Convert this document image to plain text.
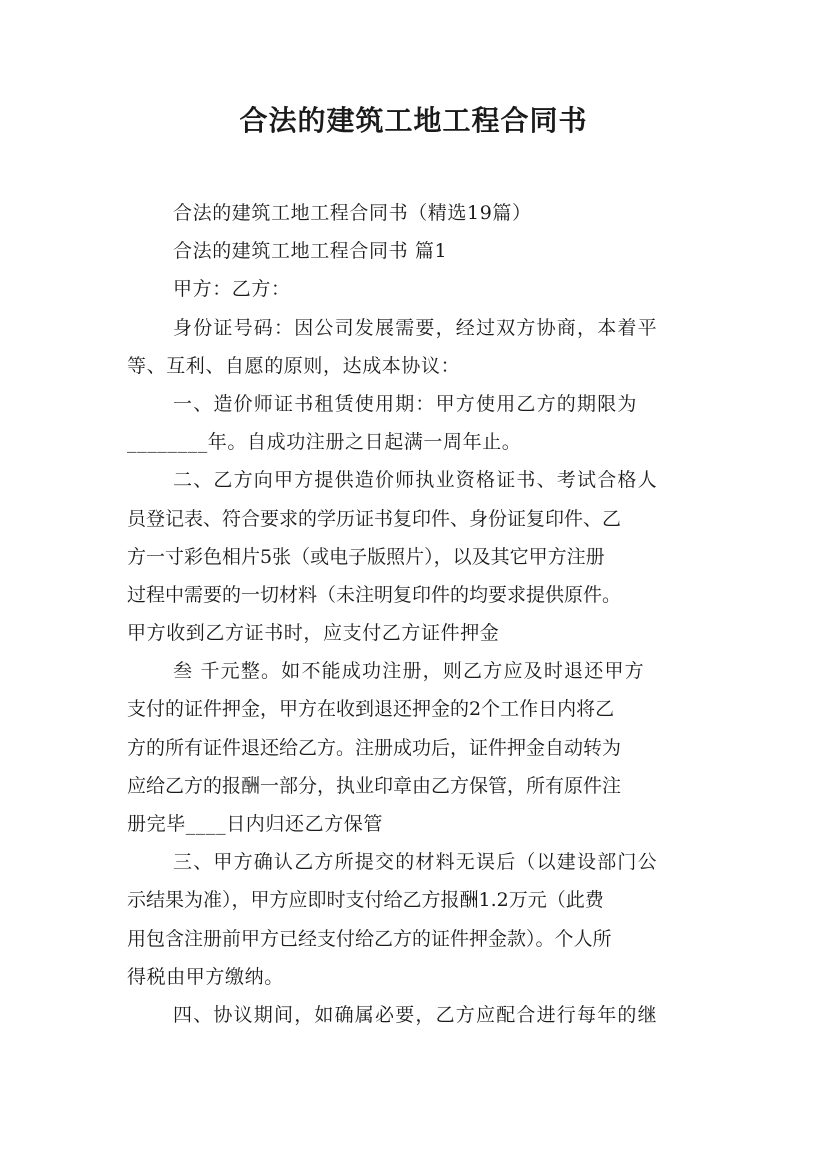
合法的建筑工地工程合同书
合法的建筑工地工程合同书（精选19篇）
合法的建筑工地工程合同书 篇1
甲方：乙方：
身份证号码：因公司发展需要，经过双方协商，本着平
等、互利、自愿的原则，达成本协议：
一、造价师证书租赁使用期：甲方使用乙方的期限为
________年。自成功注册之日起满一周年止。
二、乙方向甲方提供造价师执业资格证书、考试合格人
员登记表、符合要求的学历证书复印件、身份证复印件、乙
方一寸彩色相片5张（或电子版照片），以及其它甲方注册
过程中需要的一切材料（未注明复印件的均要求提供原件。
甲方收到乙方证书时，应支付乙方证件押金
叁 千元整。如不能成功注册，则乙方应及时退还甲方
支付的证件押金，甲方在收到退还押金的2个工作日内将乙
方的所有证件退还给乙方。注册成功后，证件押金自动转为
应给乙方的报酬一部分，执业印章由乙方保管，所有原件注
册完毕____日内归还乙方保管
三、甲方确认乙方所提交的材料无误后（以建设部门公
示结果为准），甲方应即时支付给乙方报酬1.2万元（此费
用包含注册前甲方已经支付给乙方的证件押金款）。个人所
得税由甲方缴纳。
四、协议期间，如确属必要，乙方应配合进行每年的继
